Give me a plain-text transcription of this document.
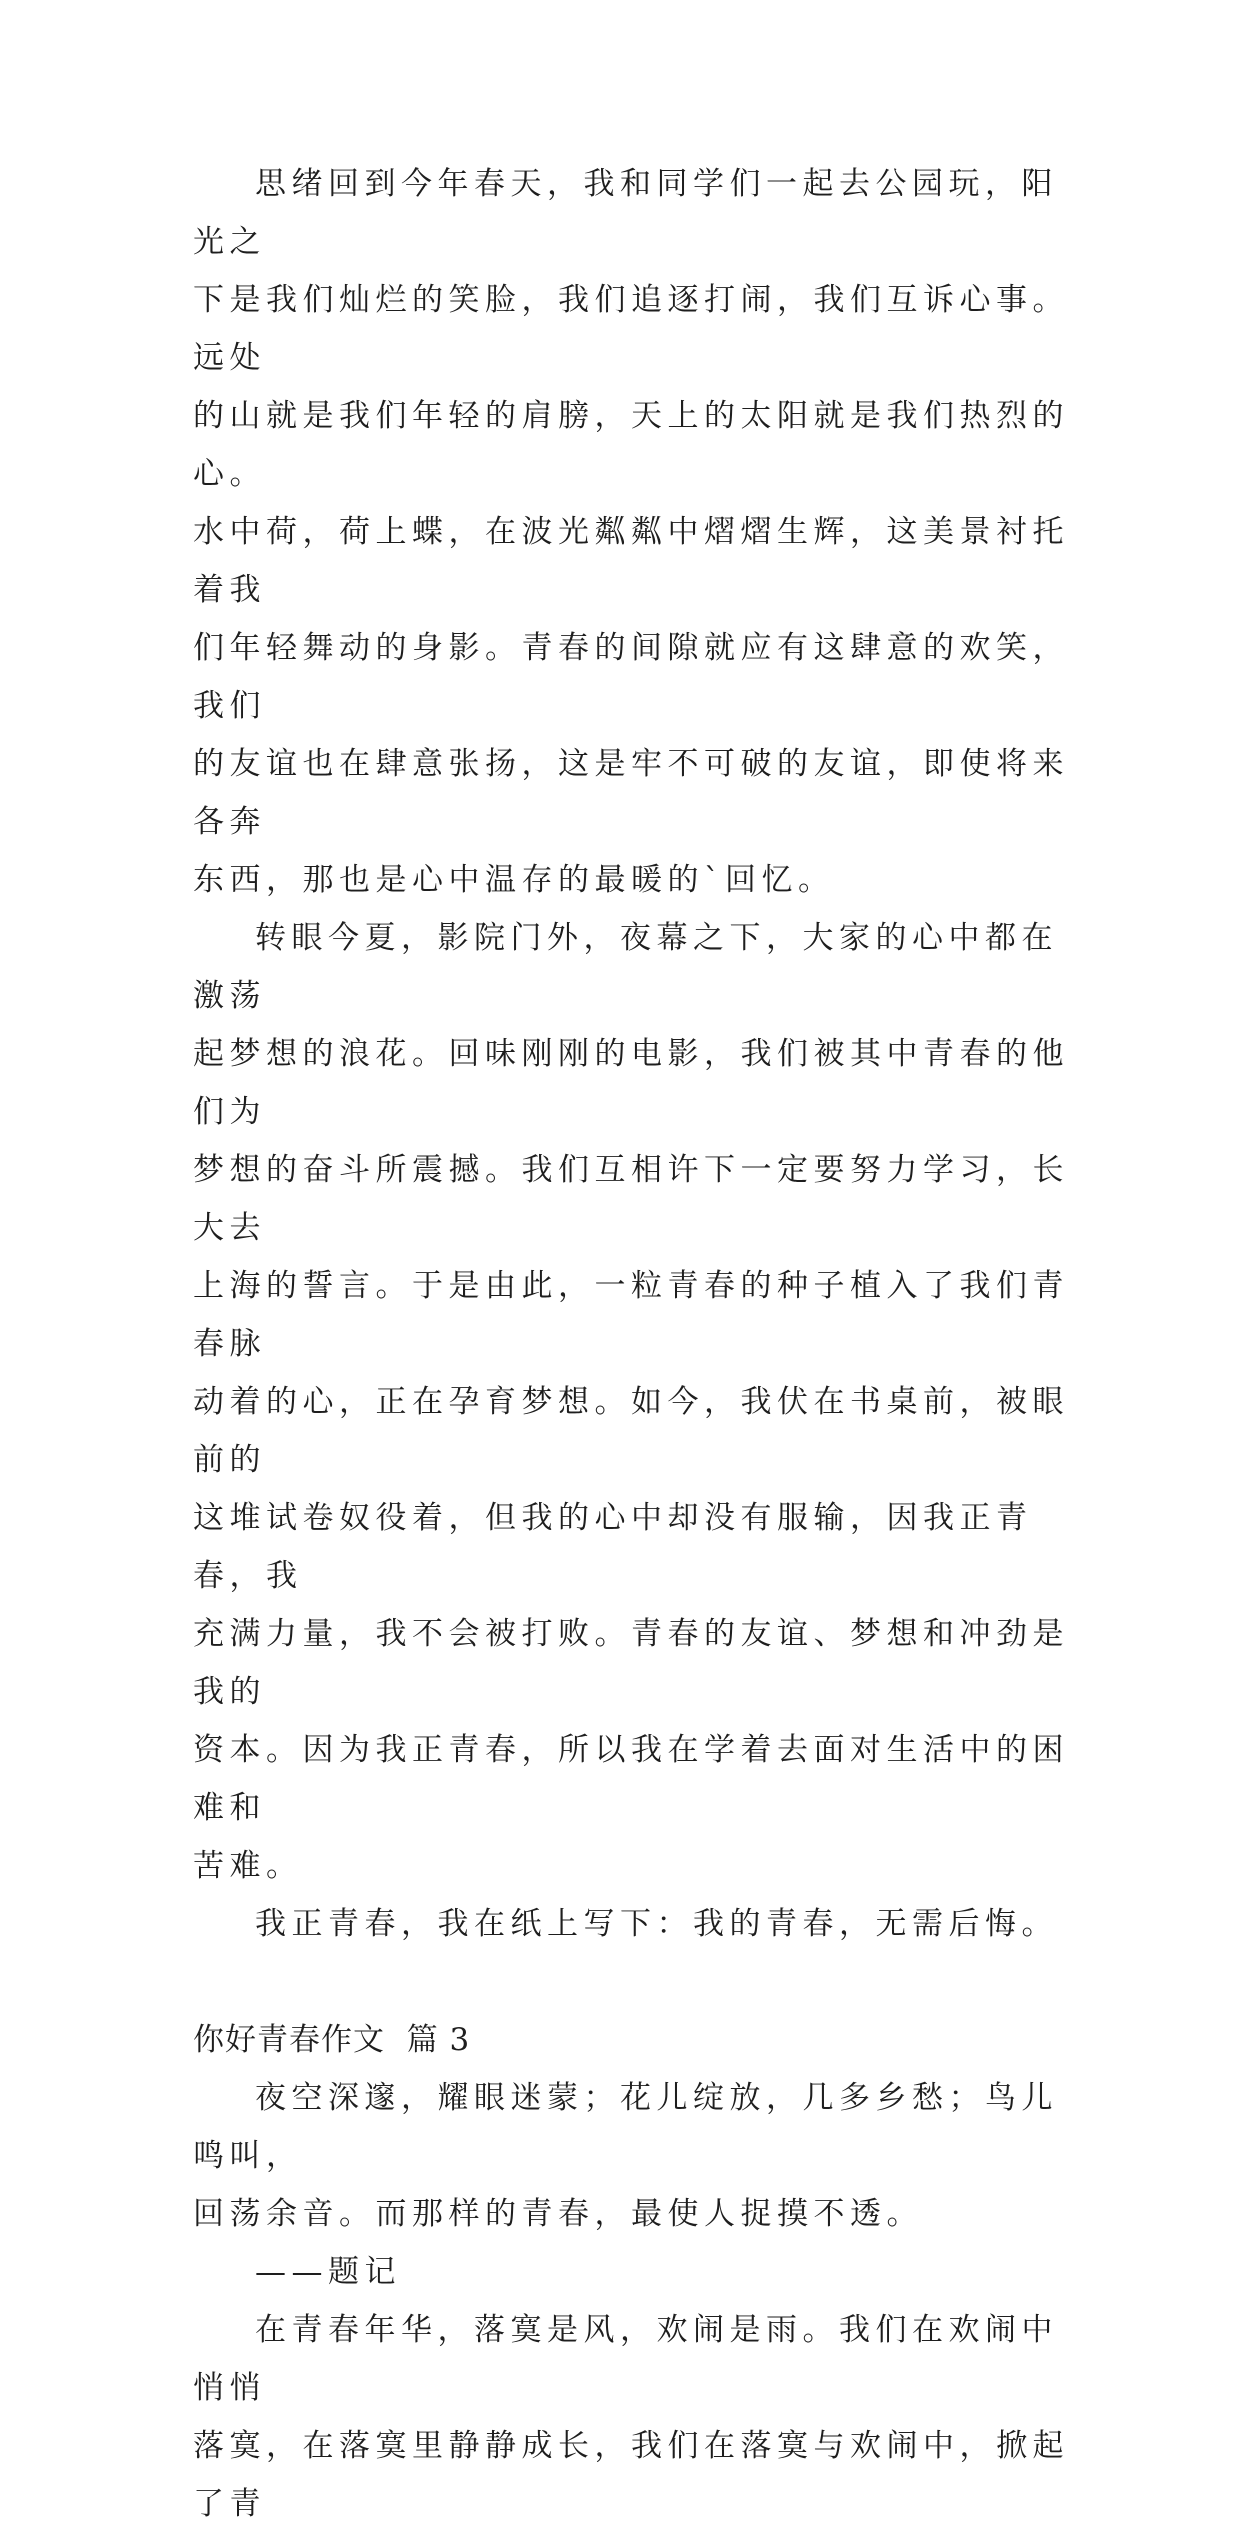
思绪回到今年春天，我和同学们一起去公园玩，阳光之
下是我们灿烂的笑脸，我们追逐打闹，我们互诉心事。远处
的山就是我们年轻的肩膀，天上的太阳就是我们热烈的心。
水中荷，荷上蝶，在波光粼粼中熠熠生辉，这美景衬托着我
们年轻舞动的身影。青春的间隙就应有这肆意的欢笑，我们
的友谊也在肆意张扬，这是牢不可破的友谊，即使将来各奔
东西，那也是心中温存的最暖的`回忆。

转眼今夏，影院门外，夜幕之下，大家的心中都在激荡
起梦想的浪花。回味刚刚的电影，我们被其中青春的他们为
梦想的奋斗所震撼。我们互相许下一定要努力学习，长大去
上海的誓言。于是由此，一粒青春的种子植入了我们青春脉
动着的心，正在孕育梦想。如今，我伏在书桌前，被眼前的
这堆试卷奴役着，但我的心中却没有服输，因我正青春，我
充满力量，我不会被打败。青春的友谊、梦想和冲劲是我的
资本。因为我正青春，所以我在学着去面对生活中的困难和
苦难。

我正青春，我在纸上写下：我的青春，无需后悔。

你好青春作文  篇 3

夜空深邃，耀眼迷蒙；花儿绽放，几多乡愁；鸟儿鸣叫，
回荡余音。而那样的青春，最使人捉摸不透。

——题记

在青春年华，落寞是风，欢闹是雨。我们在欢闹中悄悄
落寞，在落寞里静静成长，我们在落寞与欢闹中，掀起了青
